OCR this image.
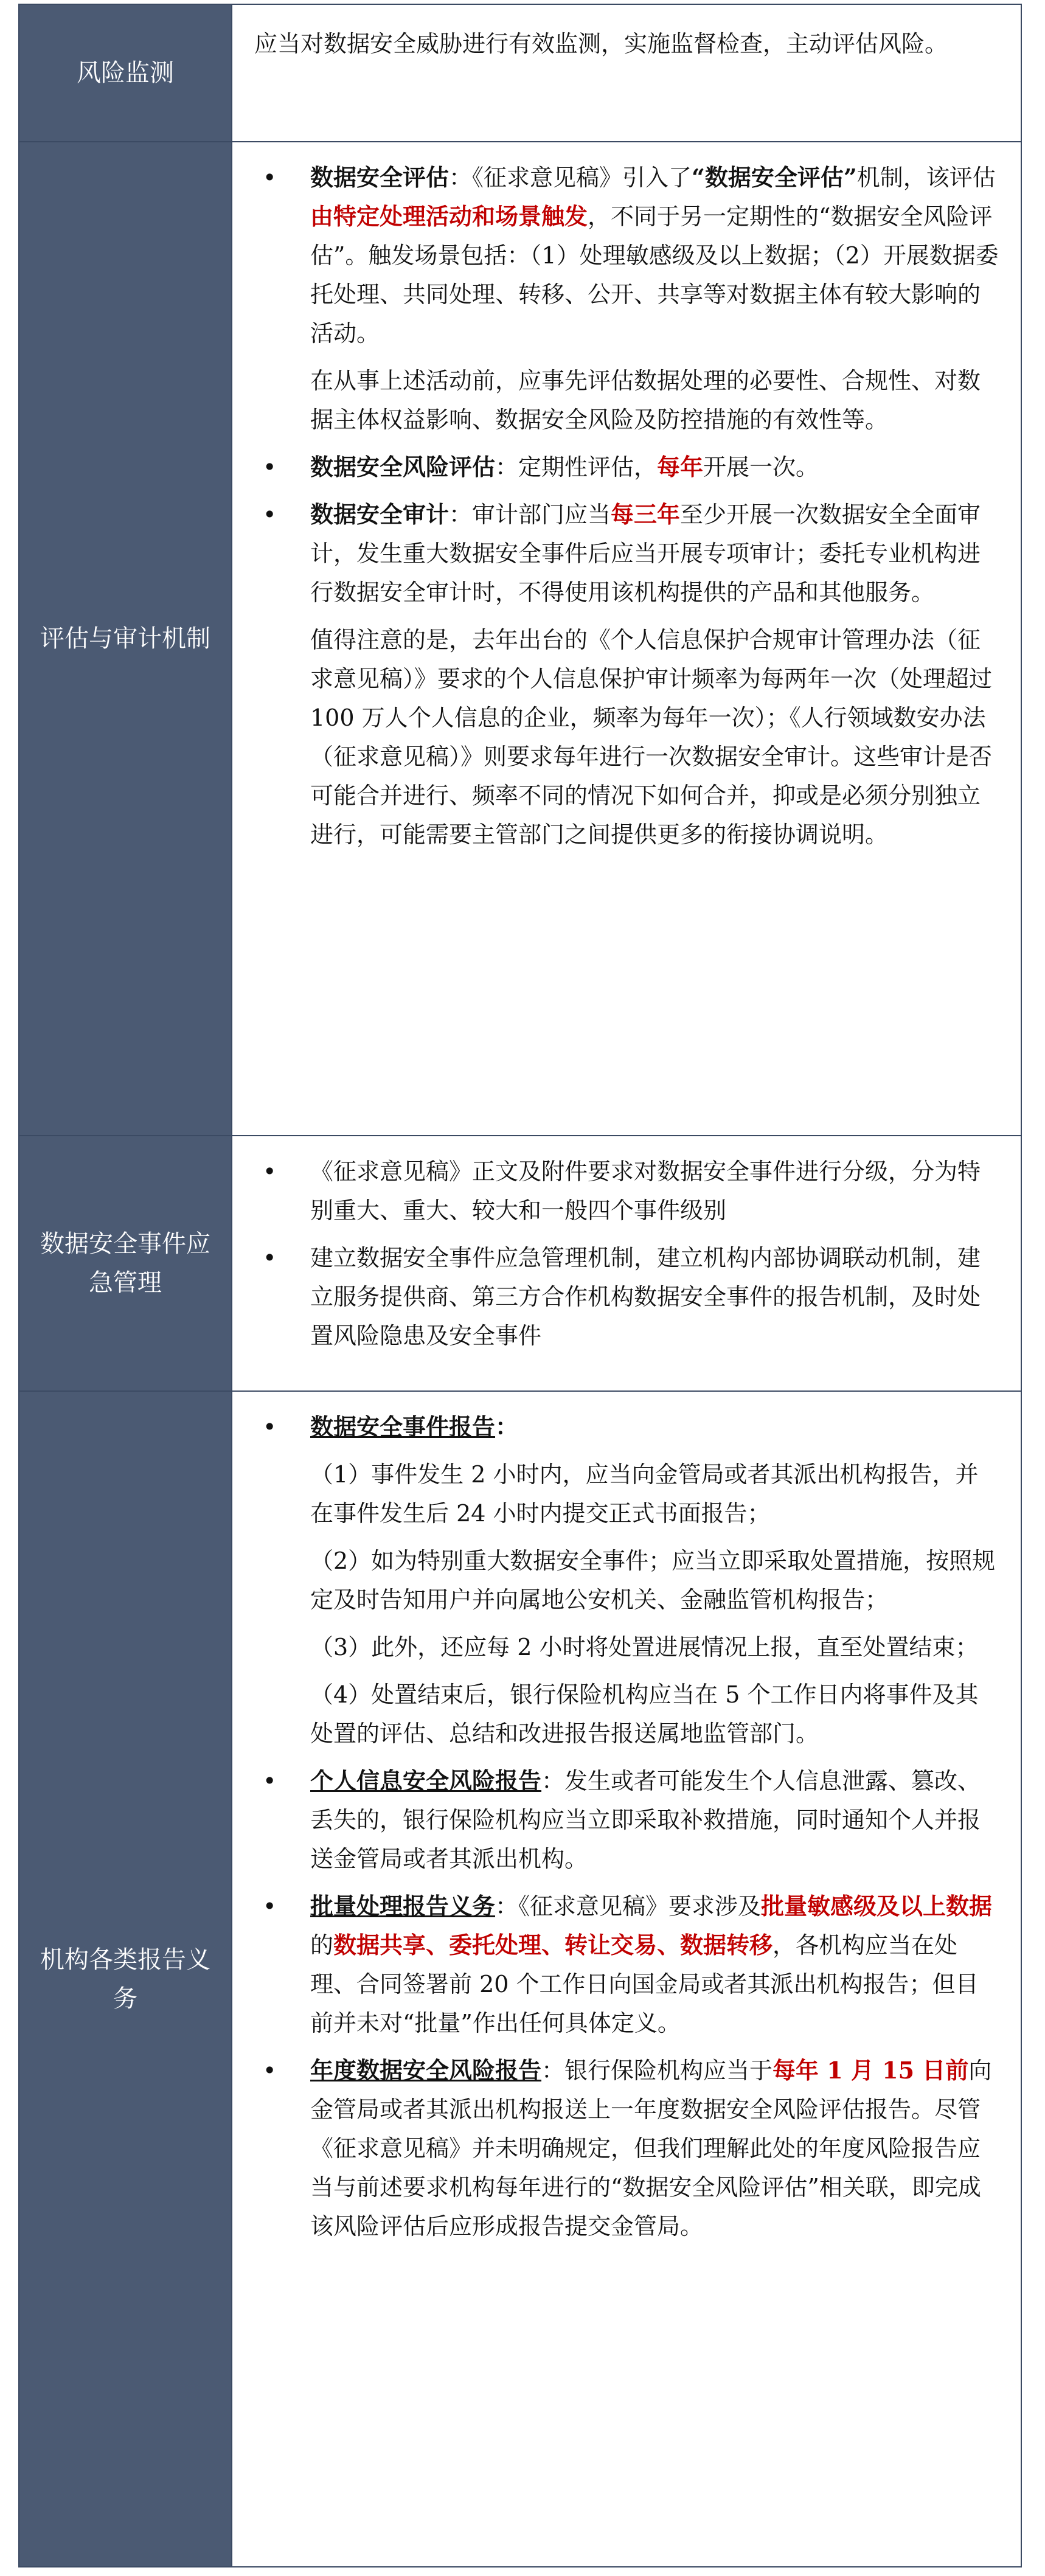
风险监测
应当对数据安全威胁进行有效监测，实施监督检查，主动评估风险。
评估与审计机制
• 数据安全评估：《征求意见稿》引入了“数据安全评估”机制，该评估由特定处理活动和场景触发，不同于另一定期性的“数据安全风险评估”。触发场景包括：（1）处理敏感级及以上数据；（2）开展数据委托处理、共同处理、转移、公开、共享等对数据主体有较大影响的活动。
在从事上述活动前，应事先评估数据处理的必要性、合规性、对数据主体权益影响、数据安全风险及防控措施的有效性等。
• 数据安全风险评估：定期性评估，每年开展一次。
• 数据安全审计：审计部门应当每三年至少开展一次数据安全全面审计，发生重大数据安全事件后应当开展专项审计；委托专业机构进行数据安全审计时，不得使用该机构提供的产品和其他服务。
值得注意的是，去年出台的《个人信息保护合规审计管理办法（征求意见稿）》要求的个人信息保护审计频率为每两年一次（处理超过 100 万人个人信息的企业，频率为每年一次）；《人行领域数安办法（征求意见稿）》则要求每年进行一次数据安全审计。这些审计是否可能合并进行、频率不同的情况下如何合并，抑或是必须分别独立进行，可能需要主管部门之间提供更多的衔接协调说明。
数据安全事件应急管理
• 《征求意见稿》正文及附件要求对数据安全事件进行分级，分为特别重大、重大、较大和一般四个事件级别
• 建立数据安全事件应急管理机制，建立机构内部协调联动机制，建立服务提供商、第三方合作机构数据安全事件的报告机制，及时处置风险隐患及安全事件
机构各类报告义务
• 数据安全事件报告：
（1）事件发生 2 小时内，应当向金管局或者其派出机构报告，并在事件发生后 24 小时内提交正式书面报告；
（2）如为特别重大数据安全事件；应当立即采取处置措施，按照规定及时告知用户并向属地公安机关、金融监管机构报告；
（3）此外，还应每 2 小时将处置进展情况上报，直至处置结束；
（4）处置结束后，银行保险机构应当在 5 个工作日内将事件及其处置的评估、总结和改进报告报送属地监管部门。
• 个人信息安全风险报告：发生或者可能发生个人信息泄露、篡改、丢失的，银行保险机构应当立即采取补救措施，同时通知个人并报送金管局或者其派出机构。
• 批量处理报告义务：《征求意见稿》要求涉及批量敏感级及以上数据的数据共享、委托处理、转让交易、数据转移，各机构应当在处理、合同签署前 20 个工作日向国金局或者其派出机构报告；但目前并未对“批量”作出任何具体定义。
• 年度数据安全风险报告：银行保险机构应当于每年 1 月 15 日前向金管局或者其派出机构报送上一年度数据安全风险评估报告。尽管《征求意见稿》并未明确规定，但我们理解此处的年度风险报告应当与前述要求机构每年进行的“数据安全风险评估”相关联，即完成该风险评估后应形成报告提交金管局。
